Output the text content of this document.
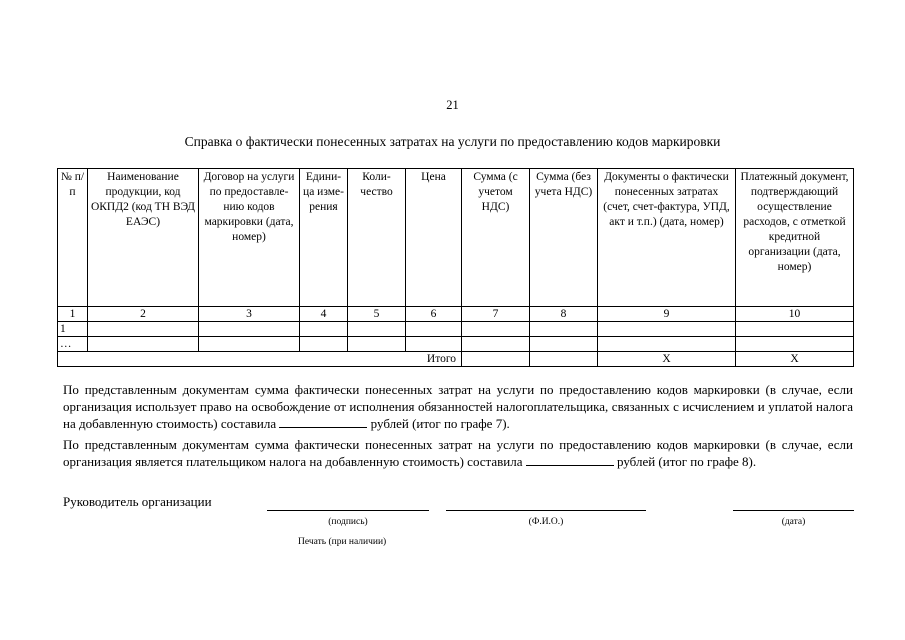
21
Справка о фактически понесенных затратах на услуги по предоставлению кодов маркировки
№ п/п	Наименование продукции, код ОКПД2 (код ТН ВЭД ЕАЭС)	Договор на услуги по предоставле- нию кодов маркировки (дата, номер)	Едини- ца изме- рения	Коли- чество	Цена	Сумма (с учетом НДС)	Сумма (без учета НДС)	Документы о фактически понесенных затратах (счет, счет-фактура, УПД, акт и т.п.) (дата, номер)	Платежный документ, подтверждающий осуществление расходов, с отметкой кредитной организации (дата, номер)
1	2	3	4	5	6	7	8	9	10
1									
…									
Итого								Х	Х
По представленным документам сумма фактически понесенных затрат на услуги по предоставлению кодов маркировки (в случае, если организация использует право на освобождение от исполнения обязанностей налогоплательщика, связанных с исчислением и уплатой налога на добавленную стоимость) составила	рублей (итог по графе 7).
По представленным документам сумма фактически понесенных затрат на услуги по предоставлению кодов маркировки (в случае, если организация является плательщиком налога на добавленную стоимость) составила	рублей (итог по графе 8).
Руководитель организации
(подпись)	(Ф.И.О.)	(дата)
Печать (при наличии)
